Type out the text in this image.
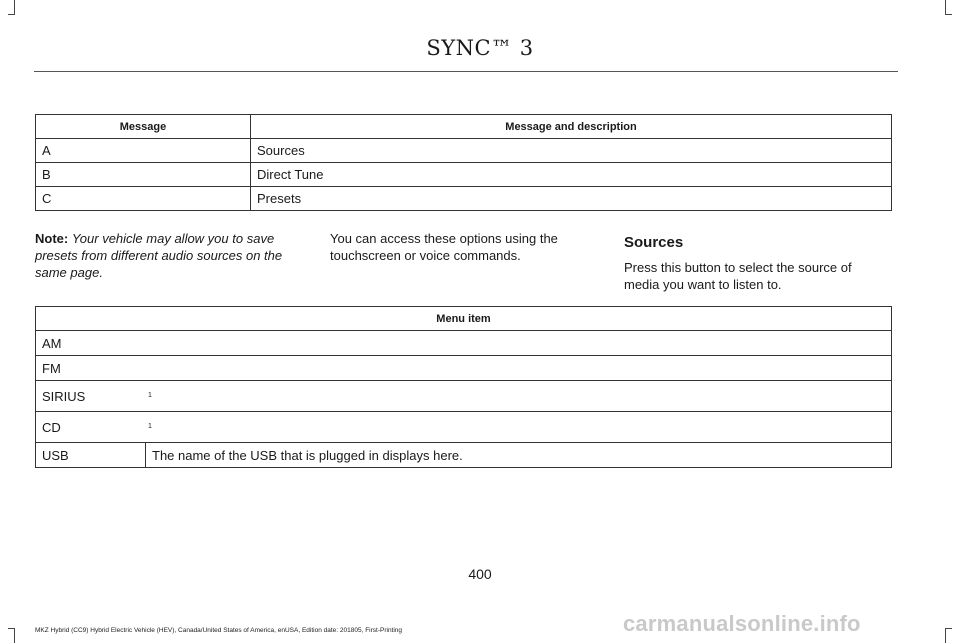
SYNC™ 3
Message	Message and description
A	Sources
B	Direct Tune
C	Presets
Note: Your vehicle may allow you to save presets from different audio sources on the same page.
You can access these options using the touchscreen or voice commands.
Sources
Press this button to select the source of media you want to listen to.
Menu item
AM
FM
SIRIUS	$^1$
CD	$^1$
USB	The name of the USB that is plugged in displays here.
400
MKZ Hybrid (CC9) Hybrid Electric Vehicle (HEV), Canada/United States of America, enUSA, Edition date: 201805, First-Printing	carmanualsonline.info
